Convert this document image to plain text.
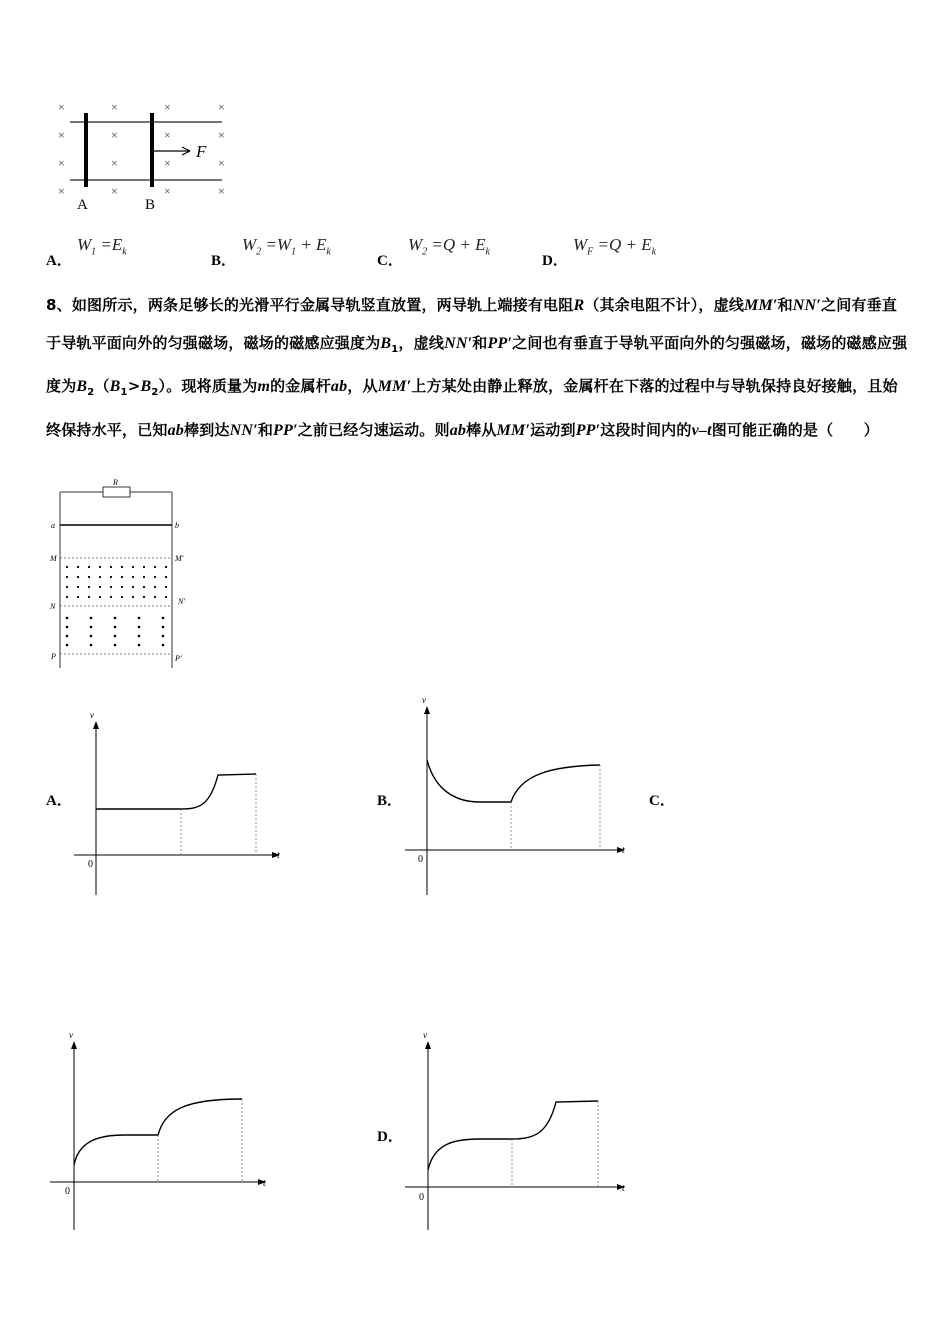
×	×	×	×
×	×	×	×
×	×	×	×
×	×	×	×
F
A	B
A．
$W_1 =E_k$
B．
$W_2 =W_1 + E_k$
C．
$W_2 =Q + E_k$
D．
$W_F =Q + E_k$
8、如图所示，两条足够长的光滑平行金属导轨竖直放置，两导轨上端接有电阻R（其余电阻不计），虚线MM′和NN′之间有垂直于导轨平面向外的匀强磁场，磁场的磁感应强度为$B_1$，虚线NN′和PP′之间也有垂直于导轨平面向外的匀强磁场，磁场的磁感应强度为$B_2(B_1>B_2)$。现将质量为m的金属杆ab，从MM′上方某处由静止释放，金属杆在下落的过程中与导轨保持良好接触，且始终保持水平，已知ab棒到达NN′和PP′之前已经匀速运动。则ab棒从MM′运动到PP′这段时间内的v–t图可能正确的是（　　）
R
a	b
M	M′
N
N′
P	P′
A．	B．	C．
D．
v
t
0
v
t
0
v
t
0
v
t
0
